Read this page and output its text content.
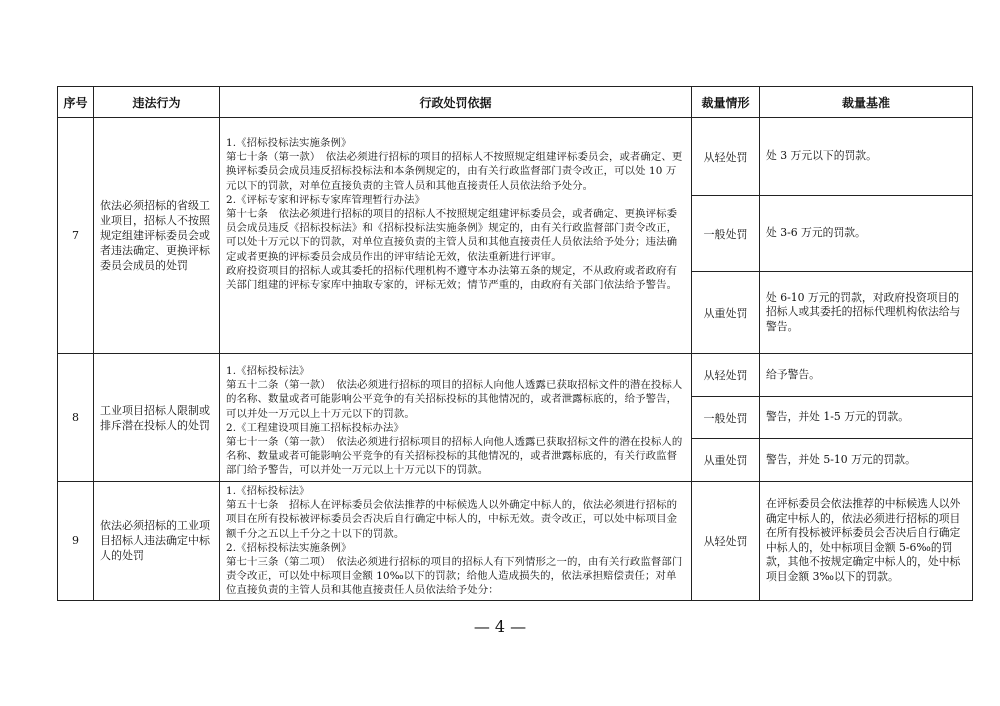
序号	违法行为	行政处罚依据	裁量情形	裁量基准
7	依法必须招标的省级工业项目，招标人不按照规定组建评标委员会或者违法确定、更换评标委员会成员的处罚	1.《招标投标法实施条例》
第七十条（第一款）　依法必须进行招标的项目的招标人不按照规定组建评标委员会，或者确定、更换评标委员会成员违反招标投标法和本条例规定的，由有关行政监督部门责令改正，可以处 10 万元以下的罚款，对单位直接负责的主管人员和其他直接责任人员依法给予处分。
2.《评标专家和评标专家库管理暂行办法》
第十七条　依法必须进行招标的项目的招标人不按照规定组建评标委员会，或者确定、更换评标委员会成员违反《招标投标法》和《招标投标法实施条例》规定的，由有关行政监督部门责令改正，可以处十万元以下的罚款，对单位直接负责的主管人员和其他直接责任人员依法给予处分；违法确定或者更换的评标委员会成员作出的评审结论无效，依法重新进行评审。
政府投资项目的招标人或其委托的招标代理机构不遵守本办法第五条的规定，不从政府或者政府有关部门组建的评标专家库中抽取专家的，评标无效；情节严重的，由政府有关部门依法给予警告。	从轻处罚	处 3 万元以下的罚款。
			一般处罚	处 3-6 万元的罚款。
			从重处罚	处 6-10 万元的罚款，对政府投资项目的招标人或其委托的招标代理机构依法给与警告。
8	工业项目招标人限制或排斥潜在投标人的处罚	1.《招标投标法》
第五十二条（第一款）　依法必须进行招标的项目的招标人向他人透露已获取招标文件的潜在投标人的名称、数量或者可能影响公平竞争的有关招标投标的其他情况的，或者泄露标底的，给予警告，可以并处一万元以上十万元以下的罚款。
2.《工程建设项目施工招标投标办法》
第七十一条（第一款）　依法必须进行招标项目的招标人向他人透露已获取招标文件的潜在投标人的名称、数量或者可能影响公平竞争的有关招标投标的其他情况的，或者泄露标底的，有关行政监督部门给予警告，可以并处一万元以上十万元以下的罚款。	从轻处罚	给予警告。
			一般处罚	警告，并处 1-5 万元的罚款。
			从重处罚	警告，并处 5-10 万元的罚款。
9	依法必须招标的工业项目招标人违法确定中标人的处罚	1.《招标投标法》
第五十七条　招标人在评标委员会依法推荐的中标候选人以外确定中标人的，依法必须进行招标的项目在所有投标被评标委员会否决后自行确定中标人的，中标无效。责令改正，可以处中标项目金额千分之五以上千分之十以下的罚款。
2.《招标投标法实施条例》
第七十三条（第二项）　依法必须进行招标的项目的招标人有下列情形之一的，由有关行政监督部门责令改正，可以处中标项目金额 10‰以下的罚款；给他人造成损失的，依法承担赔偿责任；对单位直接负责的主管人员和其他直接责任人员依法给予处分：	从轻处罚	在评标委员会依法推荐的中标候选人以外确定中标人的，依法必须进行招标的项目在所有投标被评标委员会否决后自行确定中标人的，处中标项目金额 5-6‰的罚款，其他不按规定确定中标人的，处中标项目金额 3‰以下的罚款。
— 4 —
